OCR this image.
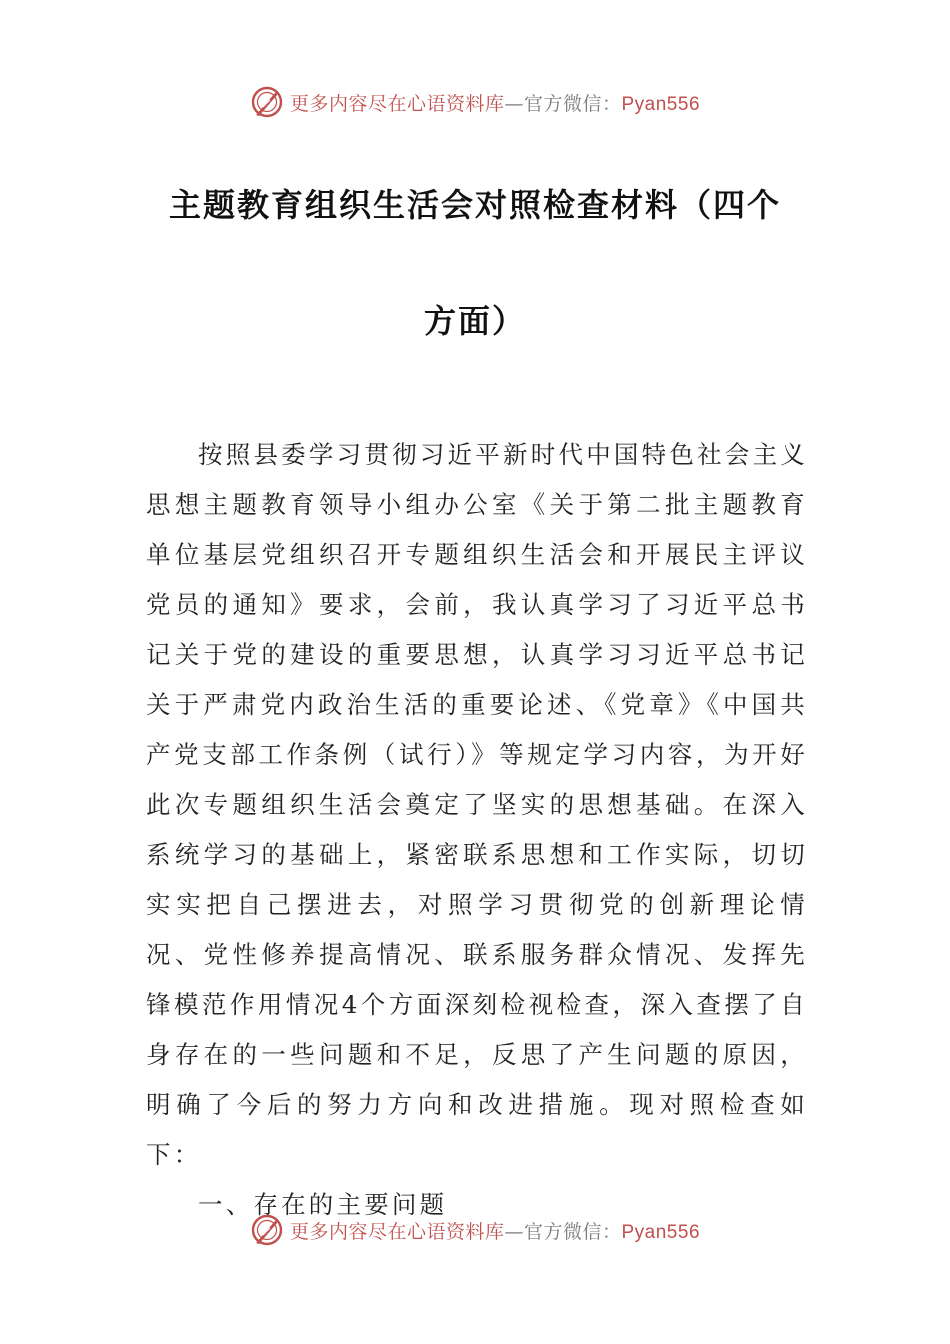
更多内容尽在心语资料库—官方微信：Pyan556
主题教育组织生活会对照检查材料（四个
方面）

按照县委学习贯彻习近平新时代中国特色社会主义思想主题教育领导小组办公室《关于第二批主题教育单位基层党组织召开专题组织生活会和开展民主评议党员的通知》要求，会前，我认真学习了习近平总书记关于党的建设的重要思想，认真学习习近平总书记关于严肃党内政治生活的重要论述、《党章》《中国共产党支部工作条例（试行）》等规定学习内容，为开好此次专题组织生活会奠定了坚实的思想基础。在深入系统学习的基础上，紧密联系思想和工作实际，切切实实把自己摆进去，对照学习贯彻党的创新理论情况、党性修养提高情况、联系服务群众情况、发挥先锋模范作用情况4个方面深刻检视检查，深入查摆了自身存在的一些问题和不足，反思了产生问题的原因，明确了今后的努力方向和改进措施。现对照检查如下：

一、存在的主要问题

更多内容尽在心语资料库—官方微信：Pyan556
